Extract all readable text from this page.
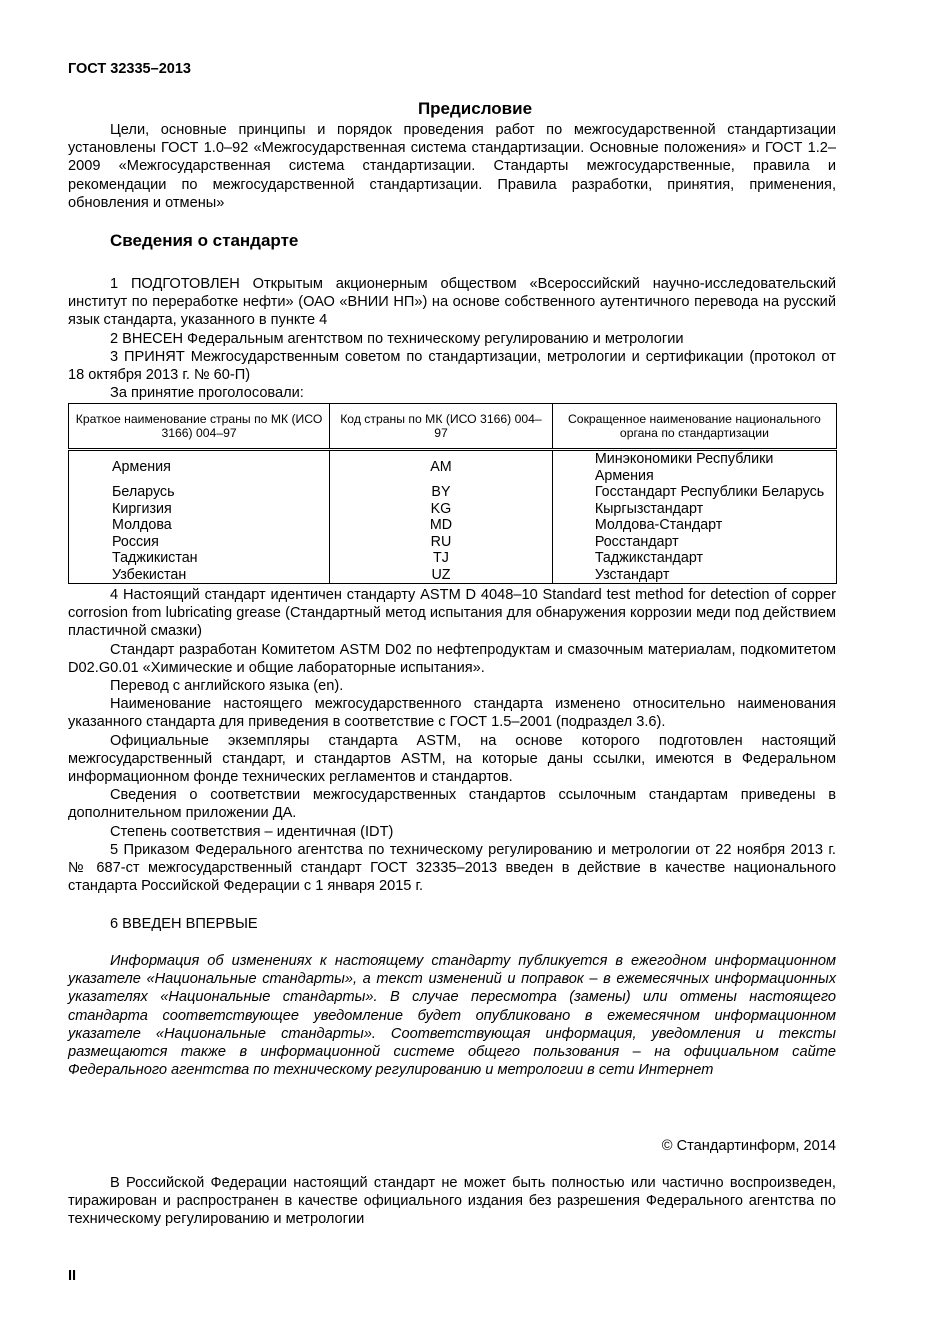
ГОСТ 32335–2013
Предисловие

Цели, основные принципы и порядок проведения работ по межгосударственной стандартизации установлены ГОСТ 1.0–92 «Межгосударственная система стандартизации. Основные положения» и ГОСТ 1.2–2009 «Межгосударственная система стандартизации. Стандарты межгосударственные, правила и рекомендации по межгосударственной стандартизации. Правила разработки, принятия, применения, обновления и отмены»

Сведения о стандарте

1 ПОДГОТОВЛЕН Открытым акционерным обществом «Всероссийский научно-исследовательский институт по переработке нефти» (ОАО «ВНИИ НП») на основе собственного аутентичного перевода на русский язык стандарта, указанного в пункте 4

2 ВНЕСЕН Федеральным агентством по техническому регулированию и метрологии

3 ПРИНЯТ Межгосударственным советом по стандартизации, метрологии и сертификации (протокол от 18 октября 2013 г. № 60-П)

За принятие проголосовали:

Краткое наименование страны по МК (ИСО 3166) 004–97	Код страны по МК (ИСО 3166) 004–97	Сокращенное наименование национального органа по стандартизации
Армения	AM	Минэкономики Республики Армения
Беларусь	BY	Госстандарт Республики Беларусь
Киргизия	KG	Кыргызстандарт
Молдова	MD	Молдова-Стандарт
Россия	RU	Росстандарт
Таджикистан	TJ	Таджикстандарт
Узбекистан	UZ	Узстандарт

4 Настоящий стандарт идентичен стандарту ASTM D 4048–10 Standard test method for detection of copper corrosion from lubricating grease (Стандартный метод испытания для обнаружения коррозии меди под действием пластичной смазки)

Стандарт разработан Комитетом ASTM D02 по нефтепродуктам и смазочным материалам, подкомитетом D02.G0.01 «Химические и общие лабораторные испытания».

Перевод с английского языка (en).

Наименование настоящего межгосударственного стандарта изменено относительно наименования указанного стандарта для приведения в соответствие с ГОСТ 1.5–2001 (подраздел 3.6).

Официальные экземпляры стандарта ASTM, на основе которого подготовлен настоящий межгосударственный стандарт, и стандартов ASTM, на которые даны ссылки, имеются в Федеральном информационном фонде технических регламентов и стандартов.

Сведения о соответствии межгосударственных стандартов ссылочным стандартам приведены в дополнительном приложении ДА.

Степень соответствия – идентичная (IDT)

5 Приказом Федерального агентства по техническому регулированию и метрологии от 22 ноября 2013 г. № 687-ст межгосударственный стандарт ГОСТ 32335–2013 введен в действие в качестве национального стандарта Российской Федерации с 1 января 2015 г.

6 ВВЕДЕН ВПЕРВЫЕ

Информация об изменениях к настоящему стандарту публикуется в ежегодном информационном указателе «Национальные стандарты», а текст изменений и поправок – в ежемесячных информационных указателях «Национальные стандарты». В случае пересмотра (замены) или отмены настоящего стандарта соответствующее уведомление будет опубликовано в ежемесячном информационном указателе «Национальные стандарты». Соответствующая информация, уведомления и тексты размещаются также в информационной системе общего пользования – на официальном сайте Федерального агентства по техническому регулированию и метрологии в сети Интернет

© Стандартинформ, 2014

В Российской Федерации настоящий стандарт не может быть полностью или частично воспроизведен, тиражирован и распространен в качестве официального издания без разрешения Федерального агентства по техническому регулированию и метрологии

II
